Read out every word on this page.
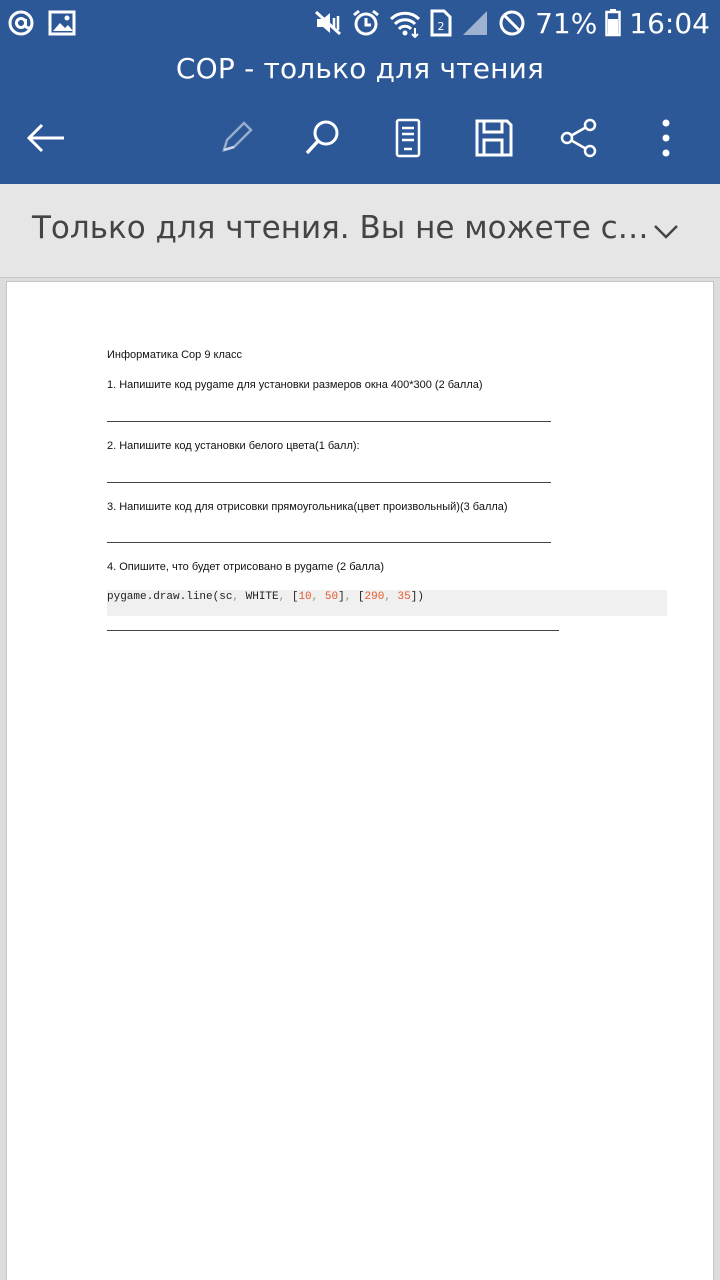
2	71% 16:04
СОР - только для чтения
Только для чтения. Вы не можете с…
Информатика Сор 9 класс
1. Напишите код pygame для установки размеров окна 400*300 (2 балла)
2. Напишите код установки белого цвета(1 балл):
3. Напишите код для отрисовки прямоугольника(цвет произвольный)(3 балла)
4. Опишите, что будет отрисовано в pygame (2 балла)
pygame.draw.line(sc, WHITE, [10, 50], [290, 35])
